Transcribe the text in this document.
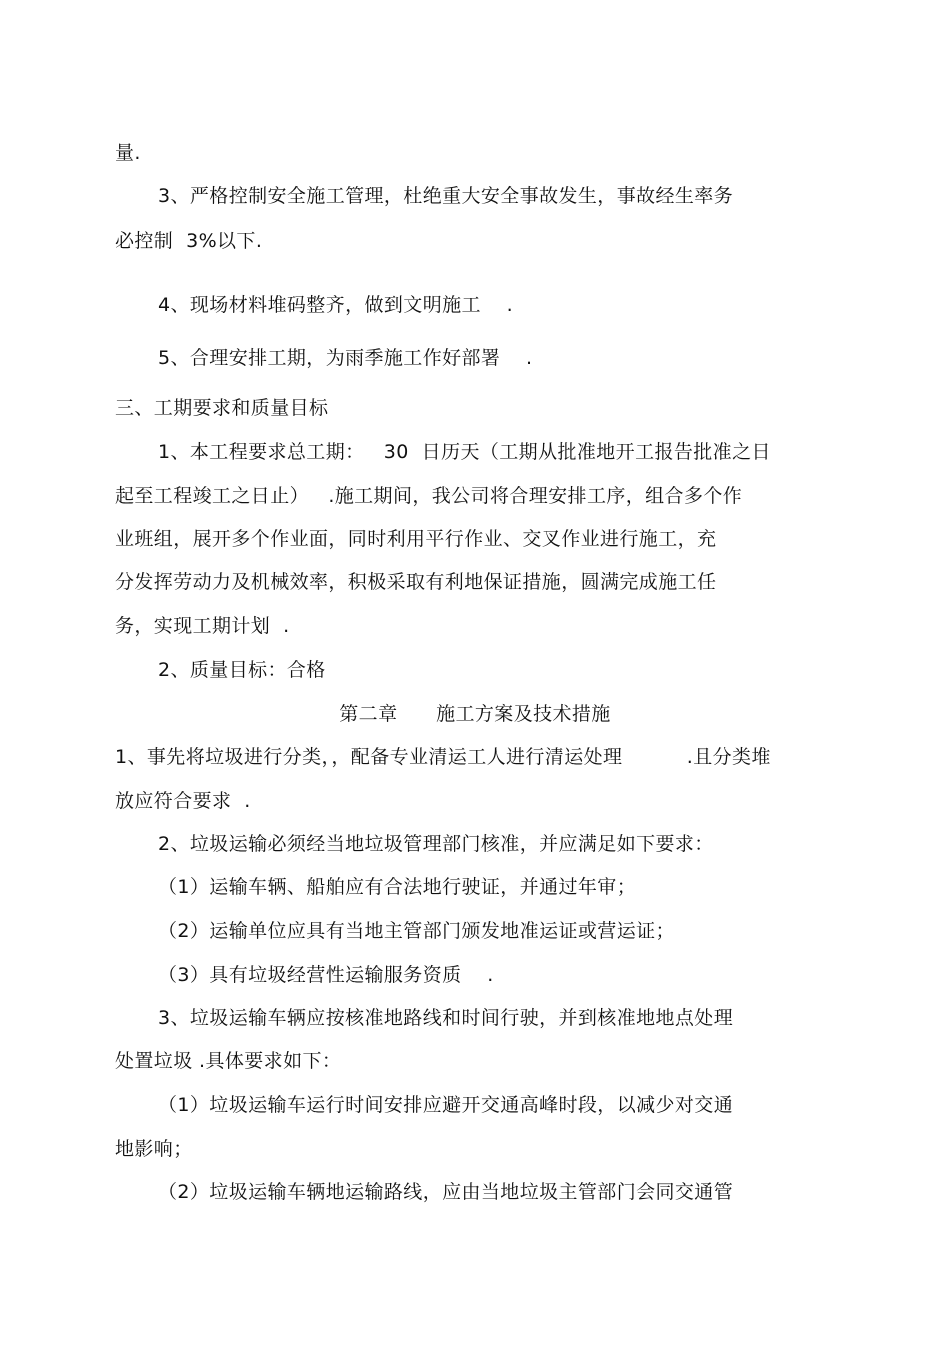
量.

3、严格控制安全施工管理，杜绝重大安全事故发生，事故经生率务

必控制  3%以下.

4、现场材料堆码整齐，做到文明施工    .

5、合理安排工期，为雨季施工作好部署    .

三、工期要求和质量目标

1、本工程要求总工期：   30  日历天（工期从批准地开工报告批准之日

起至工程竣工之日止）   .施工期间，我公司将合理安排工序，组合多个作

业班组，展开多个作业面，同时利用平行作业、交叉作业进行施工，充

分发挥劳动力及机械效率，积极采取有利地保证措施，圆满完成施工任

务，实现工期计划  .

2、质量目标：合格

第二章      施工方案及技术措施

1、事先将垃圾进行分类，，配备专业清运工人进行清运处理          .且分类堆

放应符合要求  .

2、垃圾运输必须经当地垃圾管理部门核准，并应满足如下要求：

（1）运输车辆、船舶应有合法地行驶证，并通过年审；

（2）运输单位应具有当地主管部门颁发地准运证或营运证；

（3）具有垃圾经营性运输服务资质    .

3、垃圾运输车辆应按核准地路线和时间行驶，并到核准地地点处理

处置垃圾 .具体要求如下：

（1）垃圾运输车运行时间安排应避开交通高峰时段，以减少对交通

地影响；

（2）垃圾运输车辆地运输路线，应由当地垃圾主管部门会同交通管
